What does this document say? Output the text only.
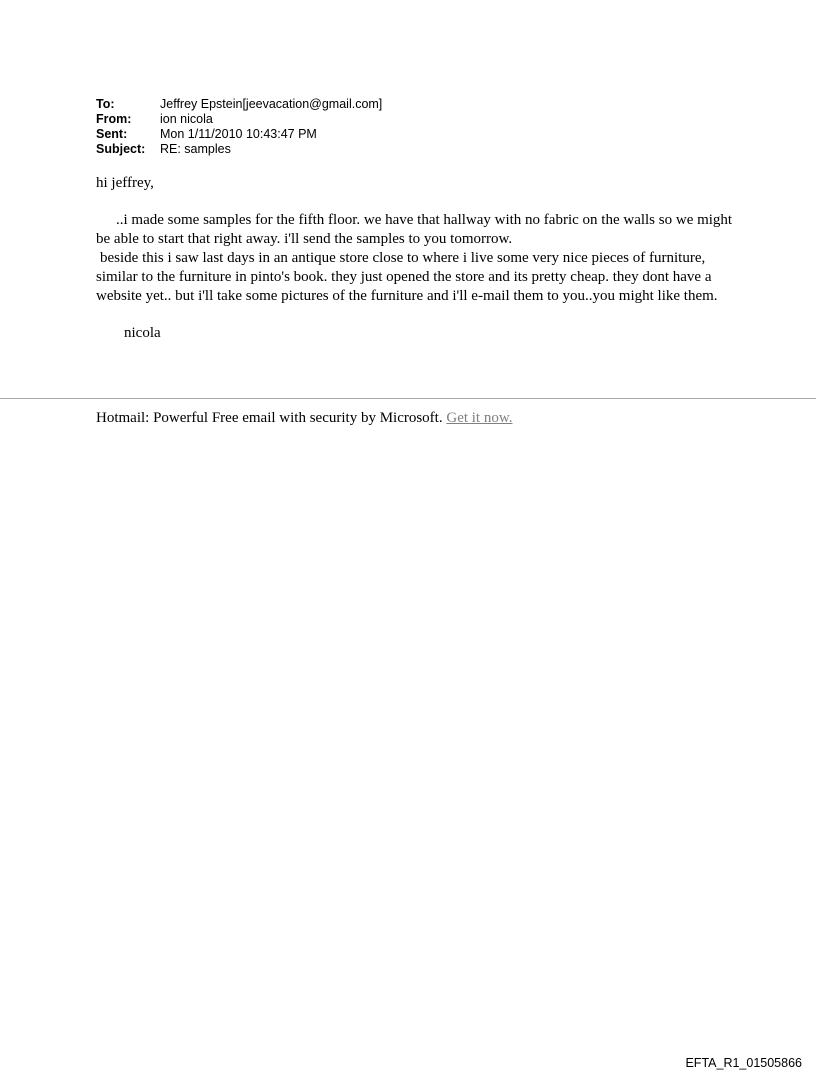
To:	Jeffrey Epstein[jeevacation@gmail.com]
From:	ion nicola
Sent:	Mon 1/11/2010 10:43:47 PM
Subject:	RE: samples

hi jeffrey,

..i made some samples for the fifth floor. we have that hallway with no fabric on the walls so we might be able to start that right away. i'll send the samples to you tomorrow.

beside this i saw last days in an antique store close to where i live some very nice pieces of furniture, similar to the furniture in pinto's book. they just opened the store and its pretty cheap. they dont have a website yet.. but i'll take some pictures of the furniture and i'll e-mail them to you..you might like them.

nicola

Hotmail: Powerful Free email with security by Microsoft. Get it now.
EFTA_R1_01505866
